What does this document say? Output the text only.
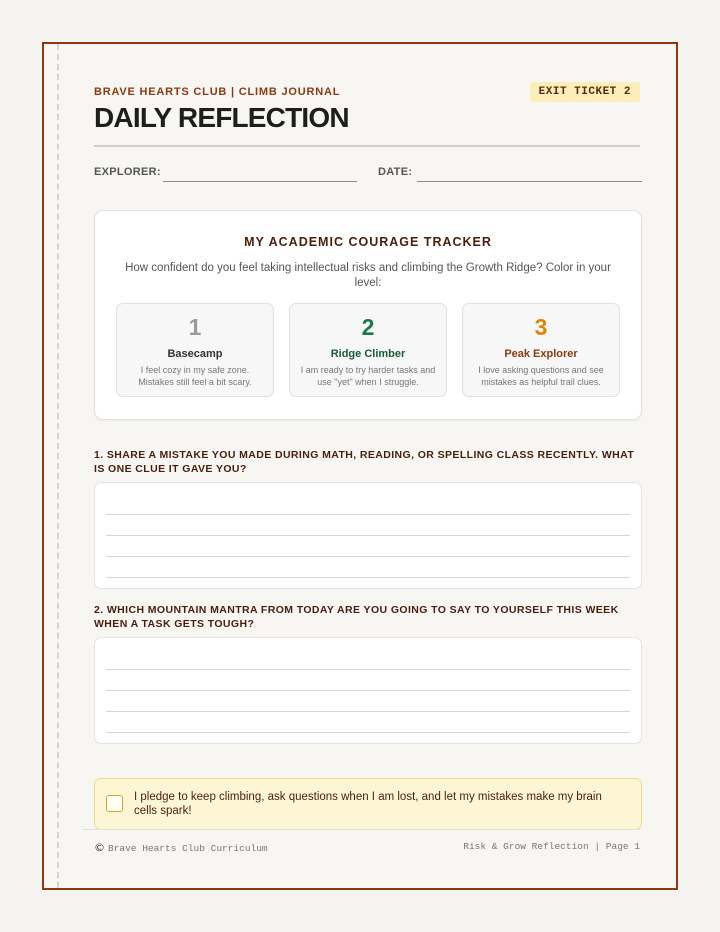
BRAVE HEARTS CLUB | CLIMB JOURNAL	EXIT TICKET 2
DAILY REFLECTION
EXPLORER:	DATE:
MY ACADEMIC COURAGE TRACKER
How confident do you feel taking intellectual risks and climbing the Growth Ridge? Color in your level:
1
Basecamp
I feel cozy in my safe zone. Mistakes still feel a bit scary.
2
Ridge Climber
I am ready to try harder tasks and use "yet" when I struggle.
3
Peak Explorer
I love asking questions and see mistakes as helpful trail clues.
1. SHARE A MISTAKE YOU MADE DURING MATH, READING, OR SPELLING CLASS RECENTLY. WHAT IS ONE CLUE IT GAVE YOU?
2. WHICH MOUNTAIN MANTRA FROM TODAY ARE YOU GOING TO SAY TO YOURSELF THIS WEEK WHEN A TASK GETS TOUGH?
I pledge to keep climbing, ask questions when I am lost, and let my mistakes make my brain cells spark!
© Brave Hearts Club Curriculum	Risk & Grow Reflection | Page 1
